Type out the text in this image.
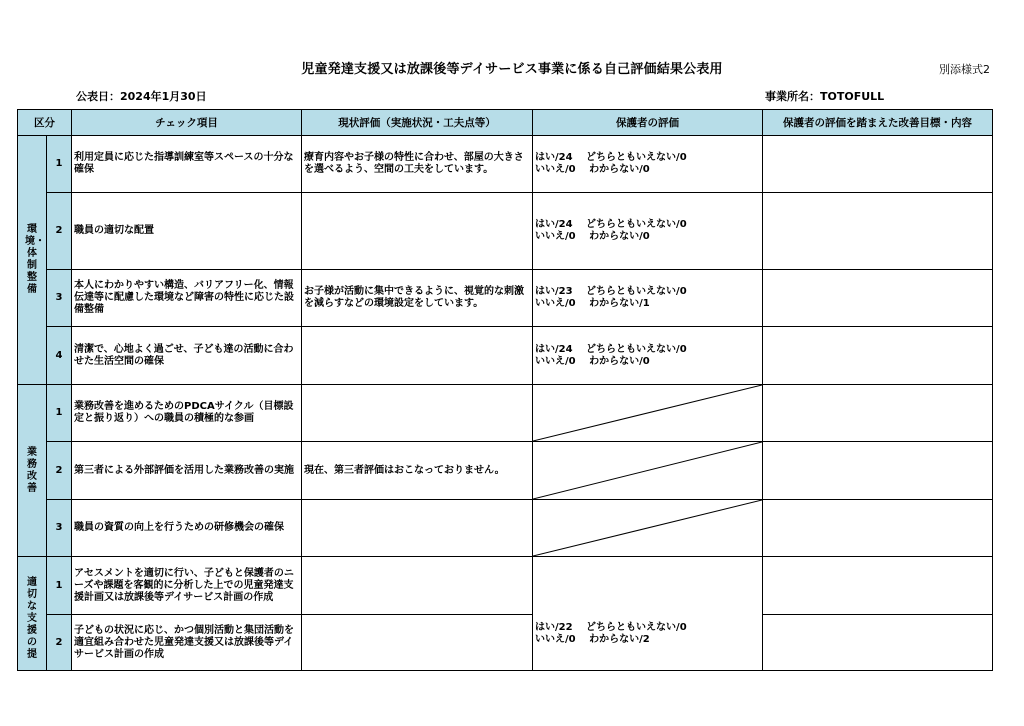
児童発達支援又は放課後等デイサービス事業に係る自己評価結果公表用	別添様式2
公表日：2024年1月30日	事業所名：TOTOFULL
区分		チェック項目	現状評価（実施状況・工夫点等）	保護者の評価	保護者の評価を踏まえた改善目標・内容
環境・体制整備	1	利用定員に応じた指導訓練室等スペースの十分な確保	療育内容やお子様の特性に合わせ、部屋の大きさを選べるよう、空間の工夫をしています。	はい/24　 どちらともいえない/0
いいえ/0　 わからない/0	

	2	職員の適切な配置		はい/24　 どちらともいえない/0
いいえ/0　 わからない/0	

	3	本人にわかりやすい構造、バリアフリー化、情報伝達等に配慮した環境など障害の特性に応じた設備整備	お子様が活動に集中できるように、視覚的な刺激を減らすなどの環境設定をしています。	はい/23　 どちらともいえない/0
いいえ/0　 わからない/1	

	4	清潔で、心地よく過ごせ、子ども達の活動に合わせた生活空間の確保		はい/24　 どちらともいえない/0
いいえ/0　 わからない/0	

業務改善	1	業務改善を進めるためのPDCAサイクル（目標設定と振り返り）への職員の積極的な参画		

	2	第三者による外部評価を活用した業務改善の実施	現在、第三者評価はおこなっておりません。	

	3	職員の資質の向上を行うための研修機会の確保		

適切な支援の提	1	アセスメントを適切に行い、子どもと保護者のニーズや課題を客観的に分析した上での児童発達支援計画又は放課後等デイサービス計画の作成		はい/22　 どちらともいえない/0
いいえ/0　 わからない/2	

	2	子どもの状況に応じ、かつ個別活動と集団活動を適宜組み合わせた児童発達支援又は放課後等デイサービス計画の作成			
